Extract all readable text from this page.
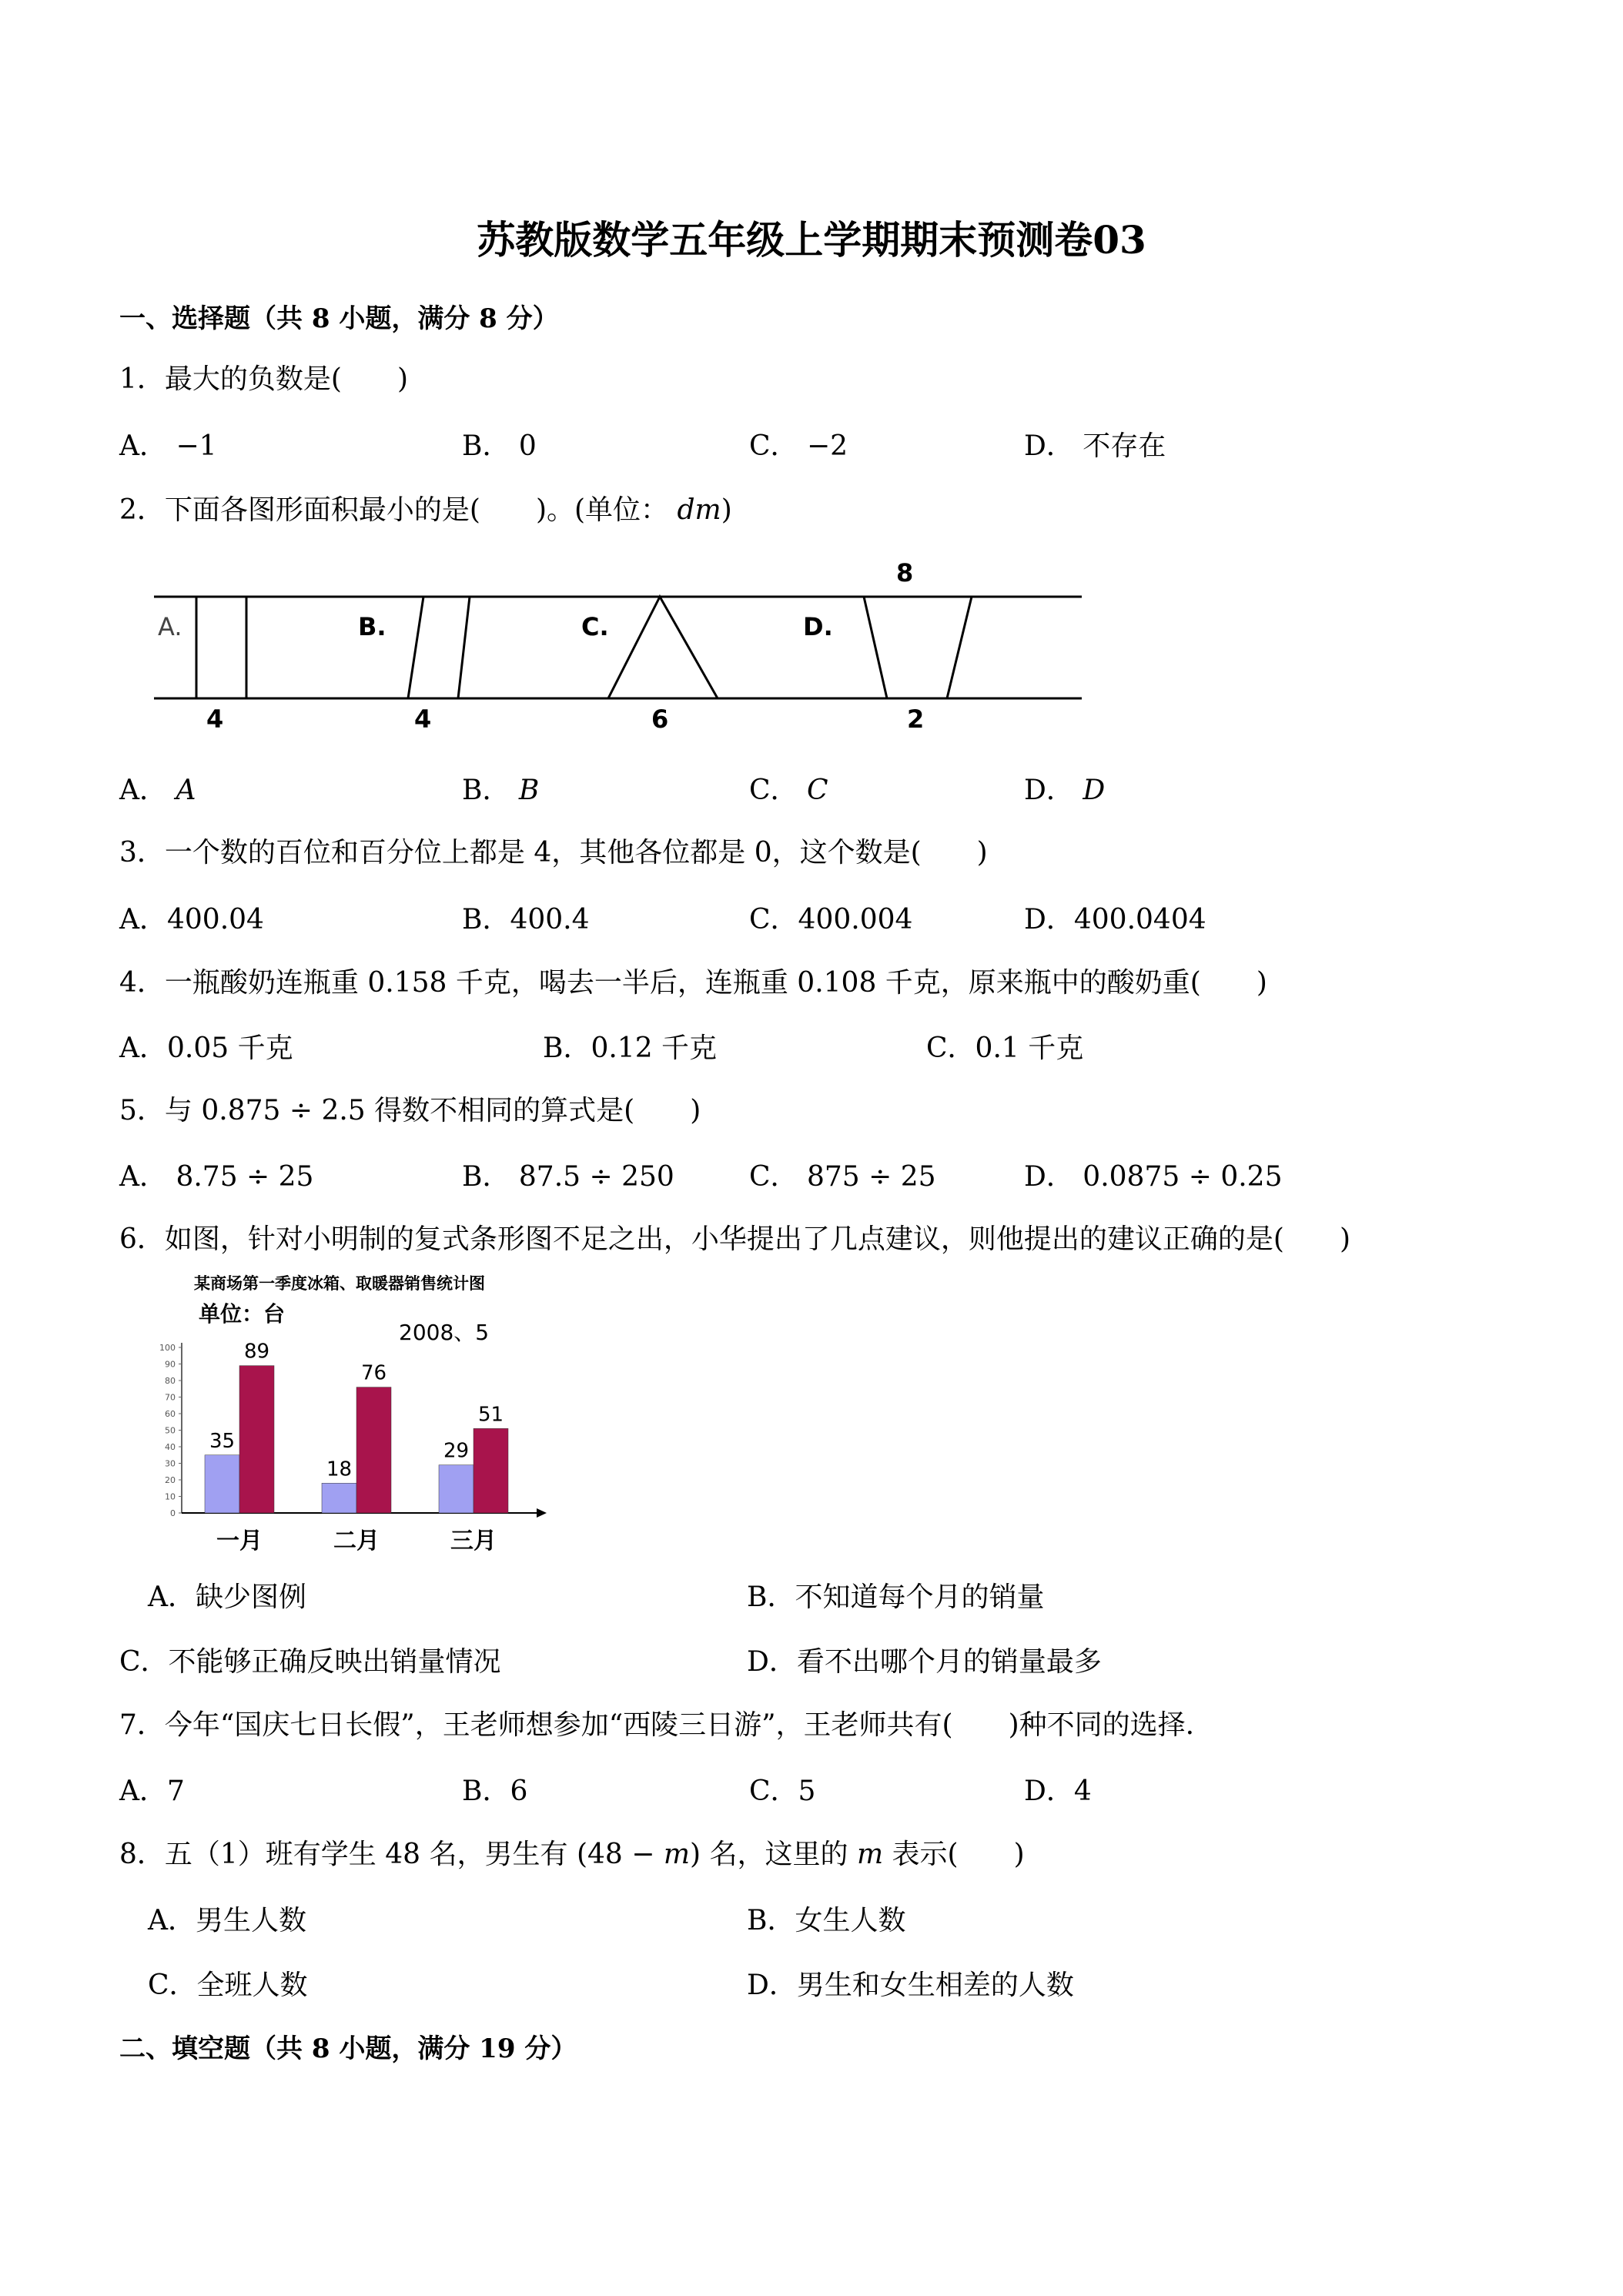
苏教版数学五年级上学期期末预测卷03
一、选择题（共 8 小题，满分 8 分）
1．最大的负数是(　　)
A． −1	B． 0	C． −2	D． 不存在
2．下面各图形面积最小的是(　　)。(单位： dm)
A.	B.	C.	D.
8
4	4	6	2
A． A	B． B	C． C	D． D
3．一个数的百位和百分位上都是 4，其他各位都是 0，这个数是(　　)
A．400.04	B．400.4	C．400.004	D．400.0404
4．一瓶酸奶连瓶重 0.158 千克，喝去一半后，连瓶重 0.108 千克，原来瓶中的酸奶重(　　)
A．0.05 千克	B．0.12 千克	C．0.1 千克
5．与 0.875 ÷ 2.5 得数不相同的算式是(　　)
A． 8.75 ÷ 25	B． 87.5 ÷ 250	C． 875 ÷ 25	D． 0.0875 ÷ 0.25
6．如图，针对小明制的复式条形图不足之出，小华提出了几点建议，则他提出的建议正确的是(　　)
某商场第一季度冰箱、取暖器销售统计图
单位：台
2008、5
0
10
20
30
40
50
60
70
80
90
100
35
89
18
76
29
51
一月	二月	三月
A．缺少图例	B．不知道每个月的销量
C．不能够正确反映出销量情况	D．看不出哪个月的销量最多
7．今年“国庆七日长假”，王老师想参加“西陵三日游”，王老师共有(　　)种不同的选择.
A．7	B．6	C．5	D．4
8．五（1）班有学生 48 名，男生有 (48 − m) 名，这里的 m 表示(　　)
A．男生人数	B．女生人数
C．全班人数	D．男生和女生相差的人数
二、填空题（共 8 小题，满分 19 分）
